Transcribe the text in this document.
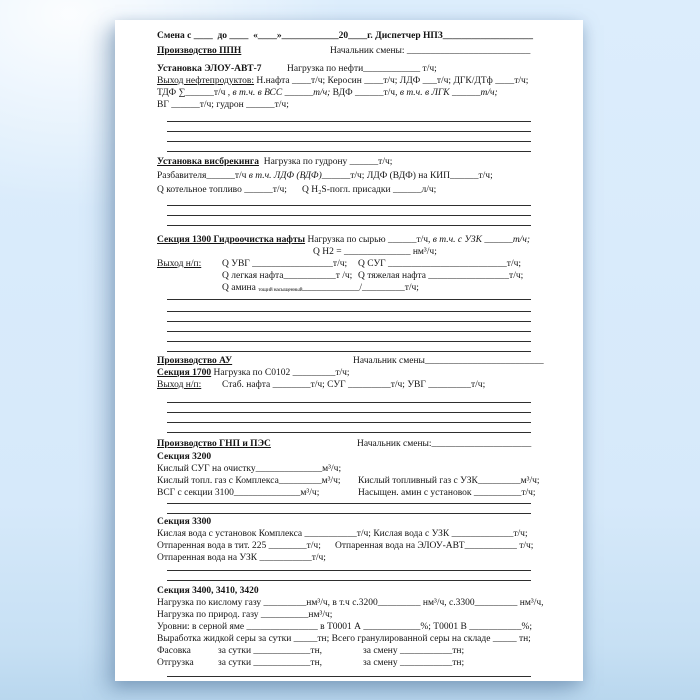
Смена с ____  до ____  «____»____________20____г. Диспетчер НПЗ___________________
Производство ППН	Начальник смены: __________________________
Установка ЭЛОУ-АВТ-7	Нагрузка по нефти____________ т/ч;
Выход нефтепродуктов: Н.нафта ____т/ч; Керосин ____т/ч; ЛДФ ___т/ч; ДГК/ДТф ____т/ч;
ТДФ ∑______т/ч , в т.ч. в ВСС ______т/ч; ВДФ ______т/ч, в т.ч. в ЛГК ______т/ч;
ВГ ______т/ч; гудрон ______т/ч;
Установка висбрекинга  Нагрузка по гудрону ______т/ч;
Разбавителя______т/ч в т.ч. ЛДФ (ВДФ)______т/ч; ЛДФ (ВДФ) на КИП______т/ч;
Q котельное топливо ______т/ч; Q H₂S-погл. присадки ______л/ч;
Секция 1300 Гидроочистка нафты Нагрузка по сырью ______т/ч, в т.ч. с УЗК ______т/ч;
Q H2 = ______________ нм³/ч;
Выход н/п: Q УВГ _________________т/ч; Q СУГ _________________________т/ч;
Q легкая нафта___________т /ч; Q тяжелая нафта _________________т/ч;
Q амина тощий насыщенный____________/_________т/ч;
Производство АУ	Начальник смены_________________________
Секция 1700 Нагрузка по С0102 _________т/ч;
Выход н/п: Стаб. нафта ________т/ч; СУГ _________т/ч; УВГ _________т/ч;
Производство ГНП и ПЭС	Начальник смены:_____________________
Секция 3200
Кислый СУГ на очистку______________м³/ч;
Кислый топл. газ с Комплекса_________м³/ч; Кислый топливный газ с УЗК_________м³/ч;
ВСГ с секции 3100______________м³/ч;	Насыщен. амин с установок __________т/ч;
Секция 3300
Кислая вода с установок Комплекса ___________т/ч; Кислая вода с УЗК _____________т/ч;
Отпаренная вода в тит. 225 ________т/ч; Отпаренная вода на ЭЛОУ-АВТ___________ т/ч;
Отпаренная вода на УЗК ___________т/ч;
Секция 3400, 3410, 3420
Нагрузка по кислому газу _________нм³/ч, в т.ч с.3200_________ нм³/ч, с.3300_________ нм³/ч,
Нагрузка по природ. газу __________нм³/ч;
Уровни: в серной яме _______________ в Т0001 А ____________%; Т0001 В ___________%;
Выработка жидкой серы за сутки _____тн; Всего гранулированной серы на складе _____ тн;
Фасовка	за сутки ____________тн,	за смену ___________тн;
Отгрузка	за сутки ____________тн,	за смену ___________тн;
